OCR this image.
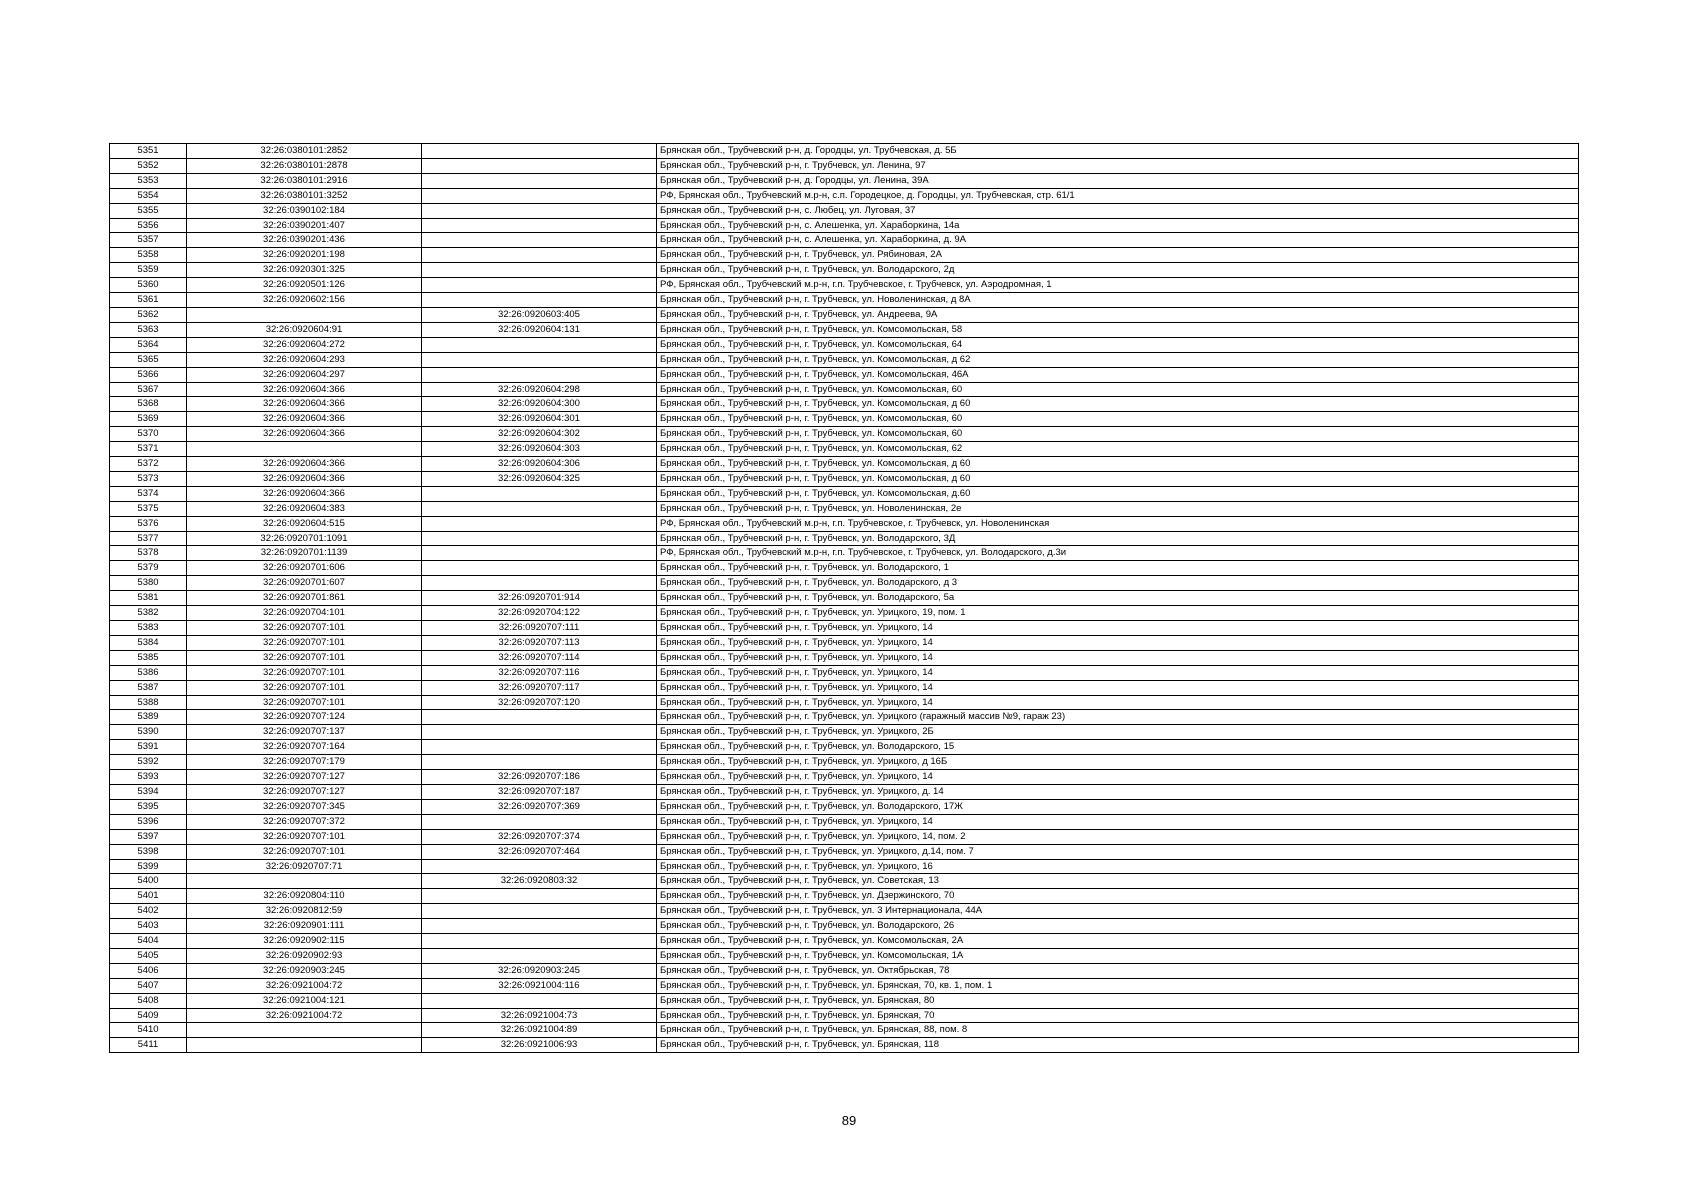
5351	32:26:0380101:2852		Брянская обл., Трубчевский р-н, д. Городцы, ул. Трубчевская, д. 5Б
5352	32:26:0380101:2878		Брянская обл., Трубчевский р-н, г. Трубчевск, ул. Ленина, 97
5353	32:26:0380101:2916		Брянская обл., Трубчевский р-н, д. Городцы, ул. Ленина, 39А
5354	32:26:0380101:3252		РФ, Брянская обл., Трубчевский м.р-н, с.п. Городецкое, д. Городцы, ул. Трубчевская, стр. 61/1
5355	32:26:0390102:184		Брянская обл., Трубчевский р-н, с. Любец, ул. Луговая, 37
5356	32:26:0390201:407		Брянская обл., Трубчевский р-н, с. Алешенка, ул. Хараборкина, 14а
5357	32:26:0390201:436		Брянская обл., Трубчевский р-н, с. Алешенка, ул. Хараборкина, д. 9А
5358	32:26:0920201:198		Брянская обл., Трубчевский р-н, г. Трубчевск, ул. Рябиновая, 2А
5359	32:26:0920301:325		Брянская обл., Трубчевский р-н, г. Трубчевск, ул. Володарского, 2д
5360	32:26:0920501:126		РФ, Брянская обл., Трубчевский м.р-н, г.п. Трубчевское, г. Трубчевск, ул. Аэродромная, 1
5361	32:26:0920602:156		Брянская обл., Трубчевский р-н, г. Трубчевск, ул. Новоленинская, д 8А
5362		32:26:0920603:405	Брянская обл., Трубчевский р-н, г. Трубчевск, ул. Андреева, 9А
5363	32:26:0920604:91	32:26:0920604:131	Брянская обл., Трубчевский р-н, г. Трубчевск, ул. Комсомольская, 58
5364	32:26:0920604:272		Брянская обл., Трубчевский р-н, г. Трубчевск, ул. Комсомольская, 64
5365	32:26:0920604:293		Брянская обл., Трубчевский р-н, г. Трубчевск, ул. Комсомольская, д 62
5366	32:26:0920604:297		Брянская обл., Трубчевский р-н, г. Трубчевск, ул. Комсомольская, 46А
5367	32:26:0920604:366	32:26:0920604:298	Брянская обл., Трубчевский р-н, г. Трубчевск, ул. Комсомольская, 60
5368	32:26:0920604:366	32:26:0920604:300	Брянская обл., Трубчевский р-н, г. Трубчевск, ул. Комсомольская, д 60
5369	32:26:0920604:366	32:26:0920604:301	Брянская обл., Трубчевский р-н, г. Трубчевск, ул. Комсомольская, 60
5370	32:26:0920604:366	32:26:0920604:302	Брянская обл., Трубчевский р-н, г. Трубчевск, ул. Комсомольская, 60
5371		32:26:0920604:303	Брянская обл., Трубчевский р-н, г. Трубчевск, ул. Комсомольская, 62
5372	32:26:0920604:366	32:26:0920604:306	Брянская обл., Трубчевский р-н, г. Трубчевск, ул. Комсомольская, д 60
5373	32:26:0920604:366	32:26:0920604:325	Брянская обл., Трубчевский р-н, г. Трубчевск, ул. Комсомольская, д 60
5374	32:26:0920604:366		Брянская обл., Трубчевский р-н, г. Трубчевск, ул. Комсомольская, д.60
5375	32:26:0920604:383		Брянская обл., Трубчевский р-н, г. Трубчевск, ул. Новоленинская, 2е
5376	32:26:0920604:515		РФ, Брянская обл., Трубчевский м.р-н, г.п. Трубчевское, г. Трубчевск, ул. Новоленинская
5377	32:26:0920701:1091		Брянская обл., Трубчевский р-н, г. Трубчевск, ул. Володарского, 3Д
5378	32:26:0920701:1139		РФ, Брянская обл., Трубчевский м.р-н, г.п. Трубчевское, г. Трубчевск, ул. Володарского, д.3и
5379	32:26:0920701:606		Брянская обл., Трубчевский р-н, г. Трубчевск, ул. Володарского, 1
5380	32:26:0920701:607		Брянская обл., Трубчевский р-н, г. Трубчевск, ул. Володарского, д 3
5381	32:26:0920701:861	32:26:0920701:914	Брянская обл., Трубчевский р-н, г. Трубчевск, ул. Володарского, 5а
5382	32:26:0920704:101	32:26:0920704:122	Брянская обл., Трубчевский р-н, г. Трубчевск, ул. Урицкого, 19, пом. 1
5383	32:26:0920707:101	32:26:0920707:111	Брянская обл., Трубчевский р-н, г. Трубчевск, ул. Урицкого, 14
5384	32:26:0920707:101	32:26:0920707:113	Брянская обл., Трубчевский р-н, г. Трубчевск, ул. Урицкого, 14
5385	32:26:0920707:101	32:26:0920707:114	Брянская обл., Трубчевский р-н, г. Трубчевск, ул. Урицкого, 14
5386	32:26:0920707:101	32:26:0920707:116	Брянская обл., Трубчевский р-н, г. Трубчевск, ул. Урицкого, 14
5387	32:26:0920707:101	32:26:0920707:117	Брянская обл., Трубчевский р-н, г. Трубчевск, ул. Урицкого, 14
5388	32:26:0920707:101	32:26:0920707:120	Брянская обл., Трубчевский р-н, г. Трубчевск, ул. Урицкого, 14
5389	32:26:0920707:124		Брянская обл., Трубчевский р-н, г. Трубчевск, ул. Урицкого (гаражный массив №9, гараж 23)
5390	32:26:0920707:137		Брянская обл., Трубчевский р-н, г. Трубчевск, ул. Урицкого, 2Б
5391	32:26:0920707:164		Брянская обл., Трубчевский р-н, г. Трубчевск, ул. Володарского, 15
5392	32:26:0920707:179		Брянская обл., Трубчевский р-н, г. Трубчевск, ул. Урицкого, д 16Б
5393	32:26:0920707:127	32:26:0920707:186	Брянская обл., Трубчевский р-н, г. Трубчевск, ул. Урицкого, 14
5394	32:26:0920707:127	32:26:0920707:187	Брянская обл., Трубчевский р-н, г. Трубчевск, ул. Урицкого, д. 14
5395	32:26:0920707:345	32:26:0920707:369	Брянская обл., Трубчевский р-н, г. Трубчевск, ул. Володарского, 17Ж
5396	32:26:0920707:372		Брянская обл., Трубчевский р-н, г. Трубчевск, ул. Урицкого, 14
5397	32:26:0920707:101	32:26:0920707:374	Брянская обл., Трубчевский р-н, г. Трубчевск, ул. Урицкого, 14, пом. 2
5398	32:26:0920707:101	32:26:0920707:464	Брянская обл., Трубчевский р-н, г. Трубчевск, ул. Урицкого, д.14, пом. 7
5399	32:26:0920707:71		Брянская обл., Трубчевский р-н, г. Трубчевск, ул. Урицкого, 16
5400		32:26:0920803:32	Брянская обл., Трубчевский р-н, г. Трубчевск, ул. Советская, 13
5401	32:26:0920804:110		Брянская обл., Трубчевский р-н, г. Трубчевск, ул. Дзержинского, 70
5402	32:26:0920812:59		Брянская обл., Трубчевский р-н, г. Трубчевск, ул. 3 Интернационала, 44А
5403	32:26:0920901:111		Брянская обл., Трубчевский р-н, г. Трубчевск, ул. Володарского, 26
5404	32:26:0920902:115		Брянская обл., Трубчевский р-н, г. Трубчевск, ул. Комсомольская, 2А
5405	32:26:0920902:93		Брянская обл., Трубчевский р-н, г. Трубчевск, ул. Комсомольская, 1А
5406	32:26:0920903:245	32:26:0920903:245	Брянская обл., Трубчевский р-н, г. Трубчевск, ул. Октябрьская, 78
5407	32:26:0921004:72	32:26:0921004:116	Брянская обл., Трубчевский р-н, г. Трубчевск, ул. Брянская, 70, кв. 1, пом. 1
5408	32:26:0921004:121		Брянская обл., Трубчевский р-н, г. Трубчевск, ул. Брянская, 80
5409	32:26:0921004:72	32:26:0921004:73	Брянская обл., Трубчевский р-н, г. Трубчевск, ул. Брянская, 70
5410		32:26:0921004:89	Брянская обл., Трубчевский р-н, г. Трубчевск, ул. Брянская, 88, пом. 8
5411		32:26:0921006:93	Брянская обл., Трубчевский р-н, г. Трубчевск, ул. Брянская, 118
89
